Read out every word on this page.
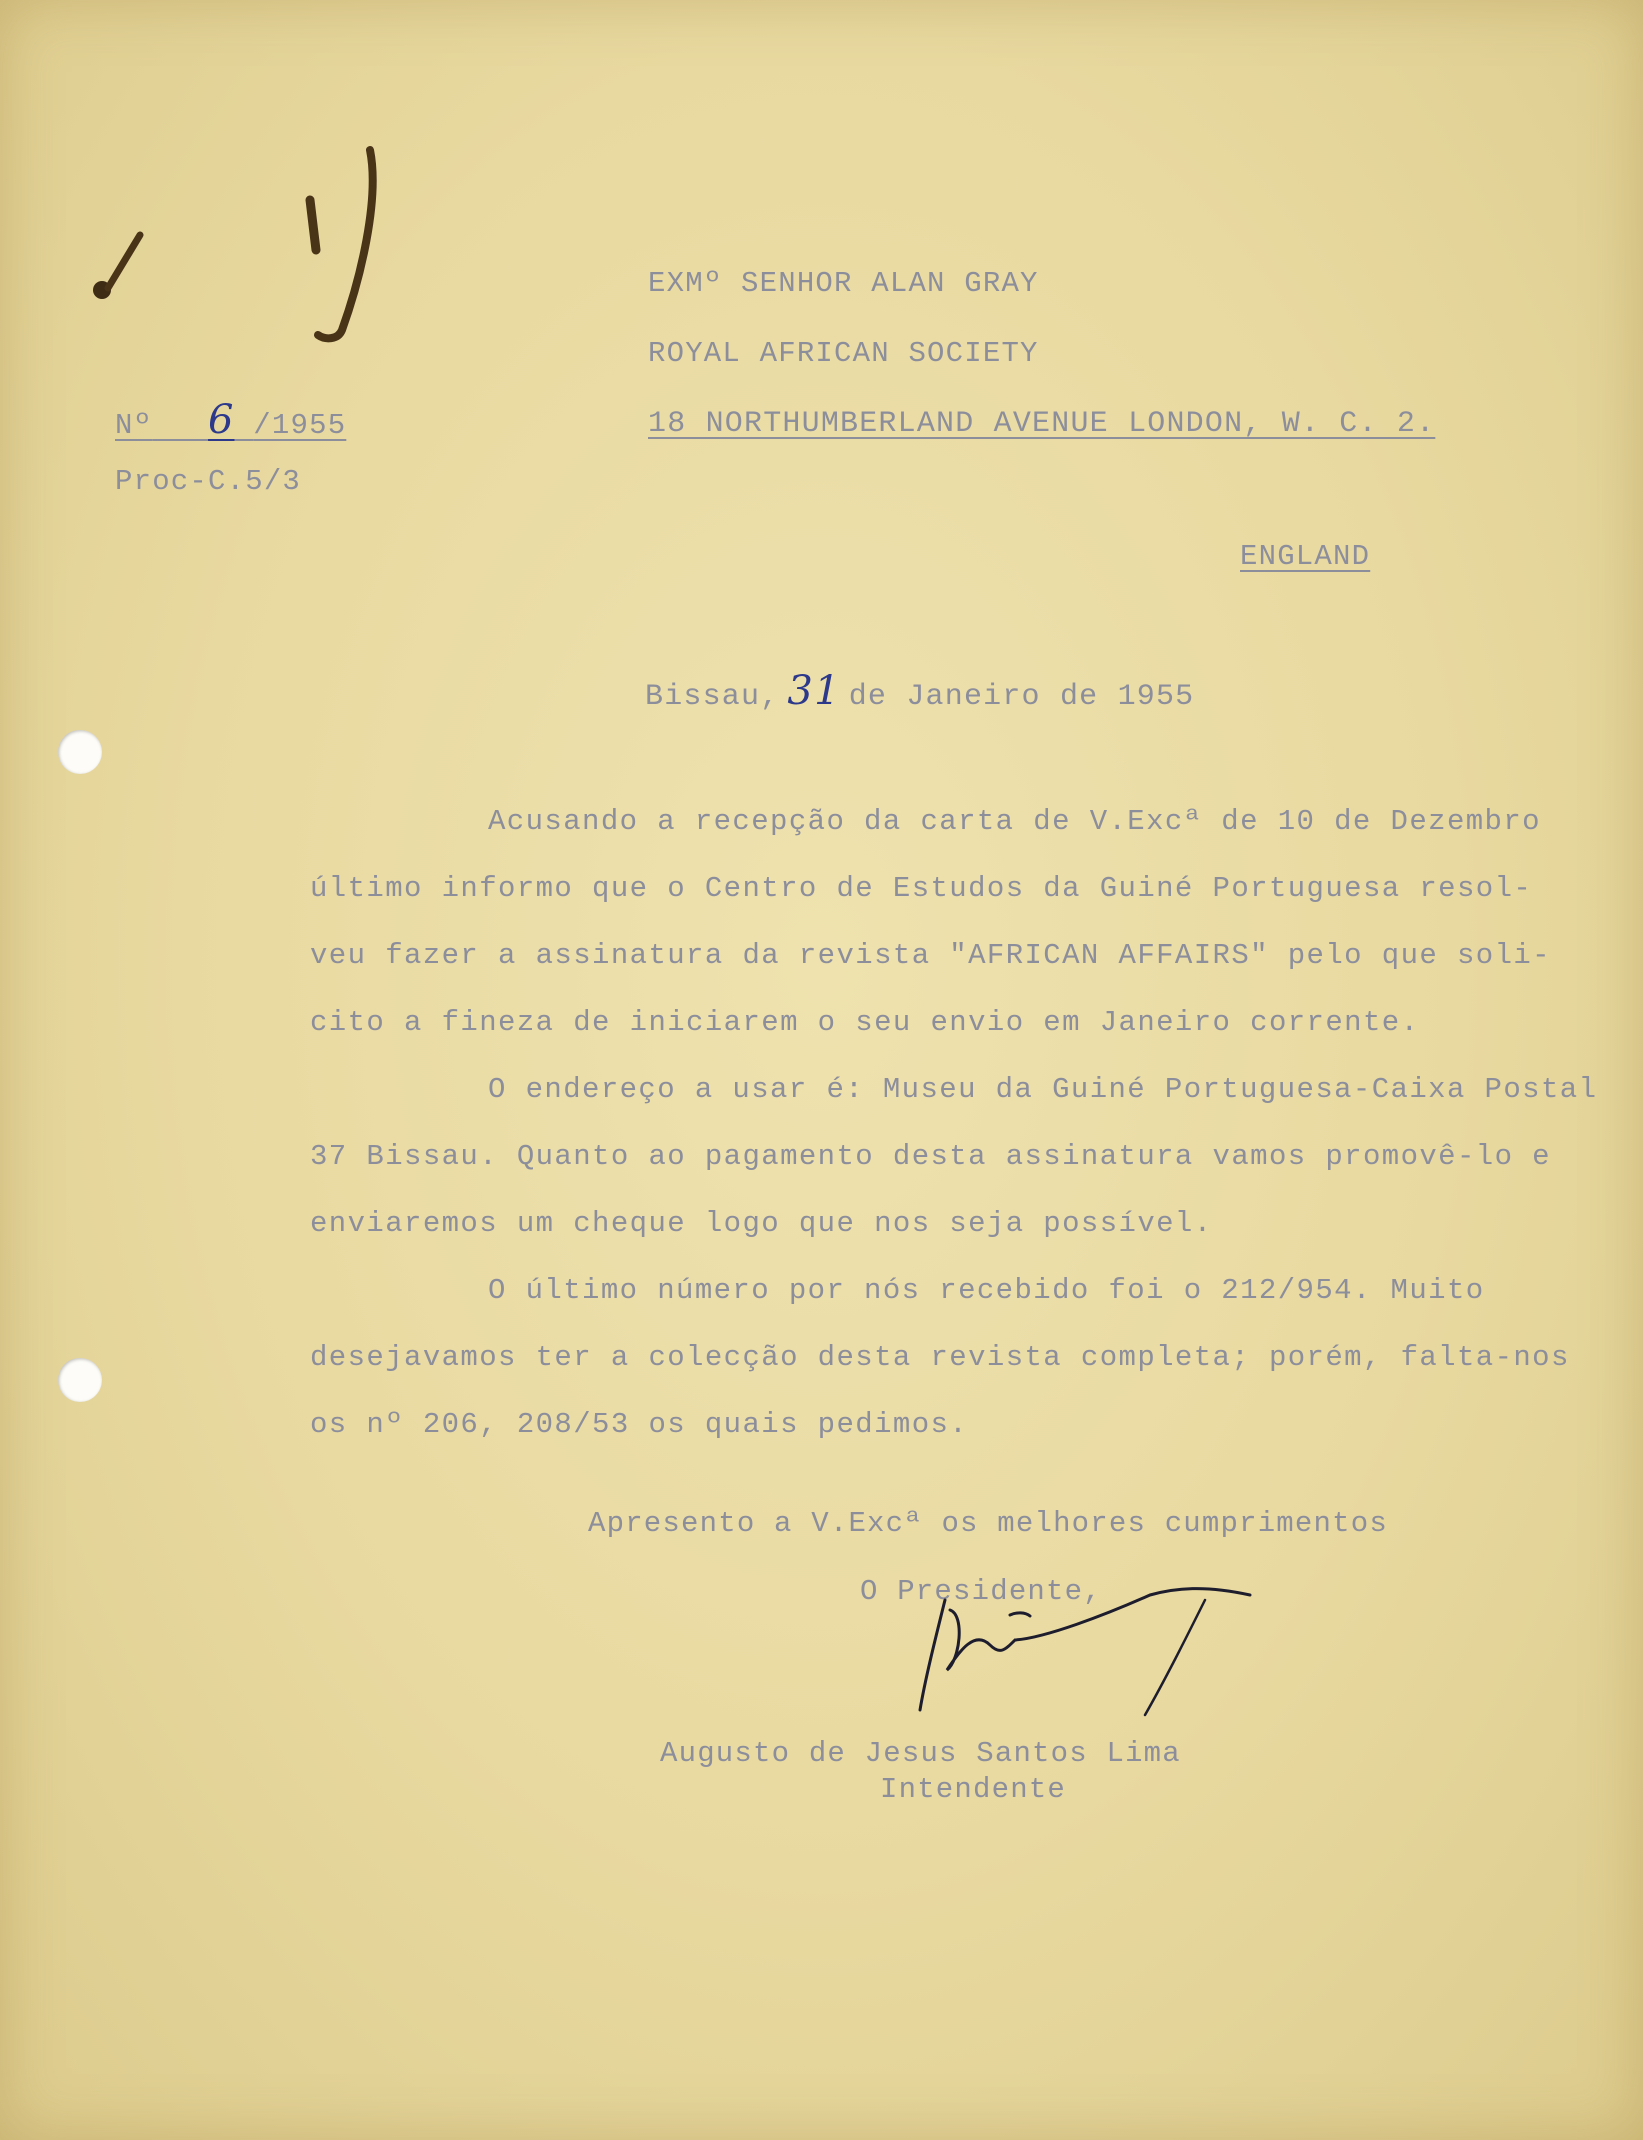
EXMº SENHOR ALAN GRAY
ROYAL AFRICAN SOCIETY
18 NORTHUMBERLAND AVENUE LONDON, W. C. 2.
Nº 6 /1955
Proc-C.5/3
ENGLAND
Bissau, 31 de Janeiro de 1955
Acusando a recepção da carta de V.Excª de 10 de Dezembro
último informo que o Centro de Estudos da Guiné Portuguesa resol-
veu fazer a assinatura da revista "AFRICAN AFFAIRS" pelo que soli-
cito a fineza de iniciarem o seu envio em Janeiro corrente.
O endereço a usar é: Museu da Guiné Portuguesa-Caixa Postal
37 Bissau. Quanto ao pagamento desta assinatura vamos promovê-lo e
enviaremos um cheque logo que nos seja possível.
O último número por nós recebido foi o 212/954. Muito
desejavamos ter a colecção desta revista completa; porém, falta-nos
os nº 206, 208/53 os quais pedimos.
Apresento a V.Excª os melhores cumprimentos
O Presidente,
Augusto de Jesus Santos Lima
Intendente
